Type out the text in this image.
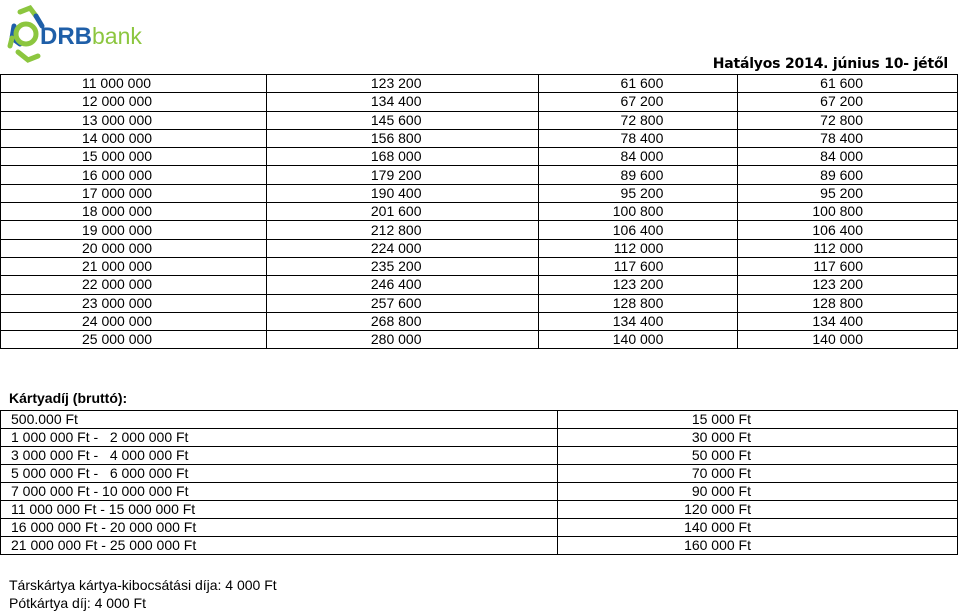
DRB bank
Hatályos 2014. június 10- jétől
11 000 000	123 200	61 600	61 600
12 000 000	134 400	67 200	67 200
13 000 000	145 600	72 800	72 800
14 000 000	156 800	78 400	78 400
15 000 000	168 000	84 000	84 000
16 000 000	179 200	89 600	89 600
17 000 000	190 400	95 200	95 200
18 000 000	201 600	100 800	100 800
19 000 000	212 800	106 400	106 400
20 000 000	224 000	112 000	112 000
21 000 000	235 200	117 600	117 600
22 000 000	246 400	123 200	123 200
23 000 000	257 600	128 800	128 800
24 000 000	268 800	134 400	134 400
25 000 000	280 000	140 000	140 000
Kártyadíj (bruttó):
500.000 Ft	15 000 Ft
1 000 000 Ft -   2 000 000 Ft	30 000 Ft
3 000 000 Ft -   4 000 000 Ft	50 000 Ft
5 000 000 Ft -   6 000 000 Ft	70 000 Ft
7 000 000 Ft - 10 000 000 Ft	90 000 Ft
11 000 000 Ft - 15 000 000 Ft	120 000 Ft
16 000 000 Ft - 20 000 000 Ft	140 000 Ft
21 000 000 Ft - 25 000 000 Ft	160 000 Ft
Társkártya kártya-kibocsátási díja: 4 000 Ft
Pótkártya díj: 4 000 Ft
